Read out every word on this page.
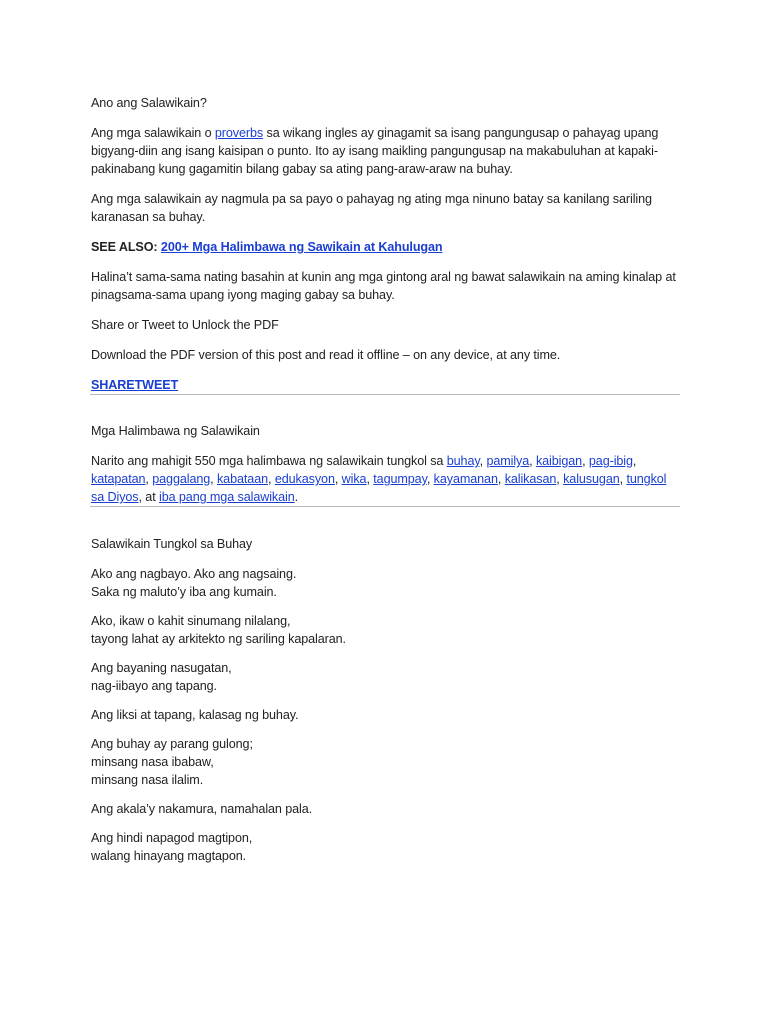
Ano ang Salawikain?

Ang mga salawikain o proverbs sa wikang ingles ay ginagamit sa isang pangungusap o pahayag upang bigyang-diin ang isang kaisipan o punto. Ito ay isang maikling pangungusap na makabuluhan at kapaki-pakinabang kung gagamitin bilang gabay sa ating pang-araw-araw na buhay.

Ang mga salawikain ay nagmula pa sa payo o pahayag ng ating mga ninuno batay sa kanilang sariling karanasan sa buhay.

SEE ALSO: 200+ Mga Halimbawa ng Sawikain at Kahulugan

Halina’t sama-sama nating basahin at kunin ang mga gintong aral ng bawat salawikain na aming kinalap at pinagsama-sama upang iyong maging gabay sa buhay.

Share or Tweet to Unlock the PDF

Download the PDF version of this post and read it offline – on any device, at any time.

SHARETWEET

Mga Halimbawa ng Salawikain

Narito ang mahigit 550 mga halimbawa ng salawikain tungkol sa buhay, pamilya, kaibigan, pag-ibig, katapatan, paggalang, kabataan, edukasyon, wika, tagumpay, kayamanan, kalikasan, kalusugan, tungkol sa Diyos, at iba pang mga salawikain.

Salawikain Tungkol sa Buhay

Ako ang nagbayo. Ako ang nagsaing.
Saka ng maluto’y iba ang kumain.

Ako, ikaw o kahit sinumang nilalang,
tayong lahat ay arkitekto ng sariling kapalaran.

Ang bayaning nasugatan,
nag-iibayo ang tapang.

Ang liksi at tapang, kalasag ng buhay.

Ang buhay ay parang gulong;
minsang nasa ibabaw,
minsang nasa ilalim.

Ang akala’y nakamura, namahalan pala.

Ang hindi napagod magtipon,
walang hinayang magtapon.
